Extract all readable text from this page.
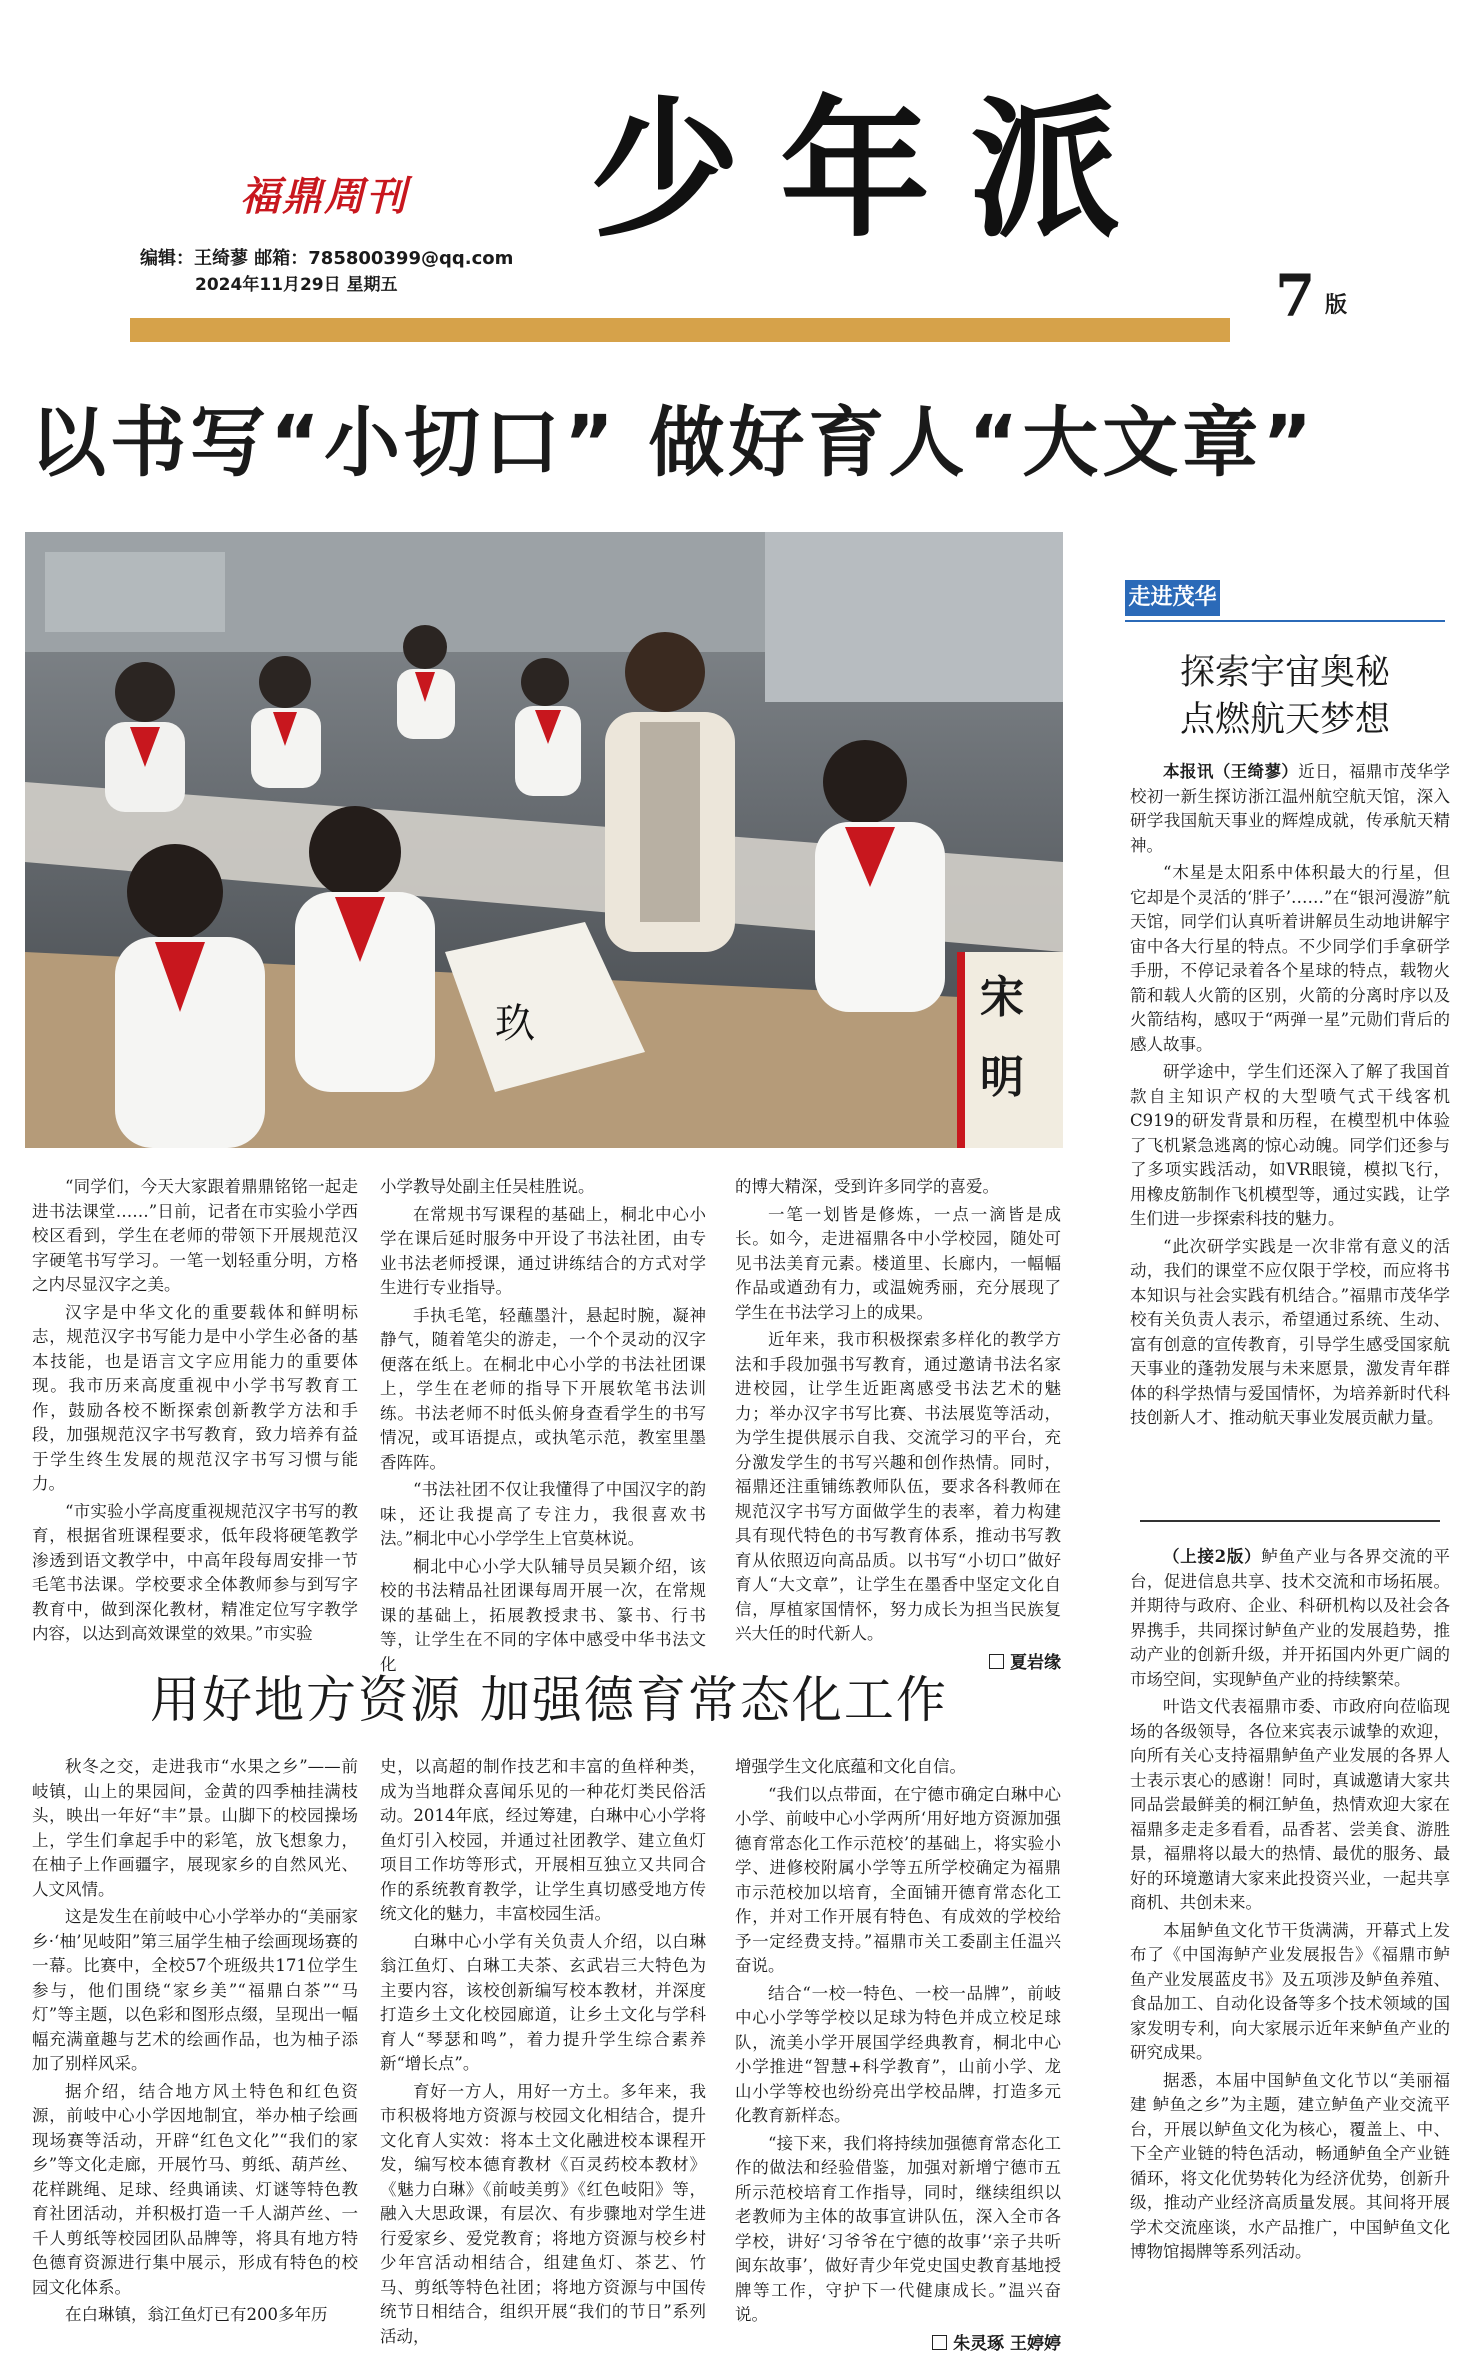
福鼎周刊
编辑：王绮蓼 邮箱：785800399@qq.com
2024年11月29日 星期五
少年派
7 版
以书写“小切口” 做好育人“大文章”
玖
宋
明
走进茂华
探索宇宙奥秘
点燃航天梦想

本报讯（王绮蓼）近日，福鼎市茂华学校初一新生探访浙江温州航空航天馆，深入研学我国航天事业的辉煌成就，传承航天精神。

“木星是太阳系中体积最大的行星，但它却是个灵活的‘胖子’……”在“银河漫游”航天馆，同学们认真听着讲解员生动地讲解宇宙中各大行星的特点。不少同学们手拿研学手册，不停记录着各个星球的特点，载物火箭和载人火箭的区别，火箭的分离时序以及火箭结构，感叹于“两弹一星”元勋们背后的感人故事。

研学途中，学生们还深入了解了我国首款自主知识产权的大型喷气式干线客机C919的研发背景和历程，在模型机中体验了飞机紧急逃离的惊心动魄。同学们还参与了多项实践活动，如VR眼镜，模拟飞行，用橡皮筋制作飞机模型等，通过实践，让学生们进一步探索科技的魅力。

“此次研学实践是一次非常有意义的活动，我们的课堂不应仅限于学校，而应将书本知识与社会实践有机结合。”福鼎市茂华学校有关负责人表示，希望通过系统、生动、富有创意的宣传教育，引导学生感受国家航天事业的蓬勃发展与未来愿景，激发青年群体的科学热情与爱国情怀，为培养新时代科技创新人才、推动航天事业发展贡献力量。

（上接2版）鲈鱼产业与各界交流的平台，促进信息共享、技术交流和市场拓展。并期待与政府、企业、科研机构以及社会各界携手，共同探讨鲈鱼产业的发展趋势，推动产业的创新升级，并开拓国内外更广阔的市场空间，实现鲈鱼产业的持续繁荣。

叶诰文代表福鼎市委、市政府向莅临现场的各级领导，各位来宾表示诚挚的欢迎，向所有关心支持福鼎鲈鱼产业发展的各界人士表示衷心的感谢！同时，真诚邀请大家共同品尝最鲜美的桐江鲈鱼，热情欢迎大家在福鼎多走走多看看，品香茗、尝美食、游胜景，福鼎将以最大的热情、最优的服务、最好的环境邀请大家来此投资兴业，一起共享商机、共创未来。

本届鲈鱼文化节干货满满，开幕式上发布了《中国海鲈产业发展报告》《福鼎市鲈鱼产业发展蓝皮书》及五项涉及鲈鱼养殖、食品加工、自动化设备等多个技术领域的国家发明专利，向大家展示近年来鲈鱼产业的研究成果。

据悉，本届中国鲈鱼文化节以“美丽福建 鲈鱼之乡”为主题，建立鲈鱼产业交流平台，开展以鲈鱼文化为核心，覆盖上、中、下全产业链的特色活动，畅通鲈鱼全产业链循环，将文化优势转化为经济优势，创新升级，推动产业经济高质量发展。其间将开展学术交流座谈，水产品推广，中国鲈鱼文化博物馆揭牌等系列活动。

“同学们，今天大家跟着鼎鼎铭铭一起走进书法课堂……”日前，记者在市实验小学西校区看到，学生在老师的带领下开展规范汉字硬笔书写学习。一笔一划轻重分明，方格之内尽显汉字之美。

汉字是中华文化的重要载体和鲜明标志，规范汉字书写能力是中小学生必备的基本技能，也是语言文字应用能力的重要体现。我市历来高度重视中小学书写教育工作，鼓励各校不断探索创新教学方法和手段，加强规范汉字书写教育，致力培养有益于学生终生发展的规范汉字书写习惯与能力。

“市实验小学高度重视规范汉字书写的教育，根据省班课程要求，低年段将硬笔教学渗透到语文教学中，中高年段每周安排一节毛笔书法课。学校要求全体教师参与到写字教育中，做到深化教材，精准定位写字教学内容，以达到高效课堂的效果。”市实验

小学教导处副主任吴桂胜说。

在常规书写课程的基础上，桐北中心小学在课后延时服务中开设了书法社团，由专业书法老师授课，通过讲练结合的方式对学生进行专业指导。

手执毛笔，轻蘸墨汁，悬起时腕，凝神静气，随着笔尖的游走，一个个灵动的汉字便落在纸上。在桐北中心小学的书法社团课上，学生在老师的指导下开展软笔书法训练。书法老师不时低头俯身查看学生的书写情况，或耳语提点，或执笔示范，教室里墨香阵阵。

“书法社团不仅让我懂得了中国汉字的韵味，还让我提高了专注力，我很喜欢书法。”桐北中心小学学生上官莫林说。

桐北中心小学大队辅导员吴颖介绍，该校的书法精品社团课每周开展一次，在常规课的基础上，拓展教授隶书、篆书、行书等，让学生在不同的字体中感受中华书法文化

的博大精深，受到许多同学的喜爱。

一笔一划皆是修炼，一点一滴皆是成长。如今，走进福鼎各中小学校园，随处可见书法美育元素。楼道里、长廊内，一幅幅作品或遒劲有力，或温婉秀丽，充分展现了学生在书法学习上的成果。

近年来，我市积极探索多样化的教学方法和手段加强书写教育，通过邀请书法名家进校园，让学生近距离感受书法艺术的魅力；举办汉字书写比赛、书法展览等活动，为学生提供展示自我、交流学习的平台，充分激发学生的书写兴趣和创作热情。同时，福鼎还注重铺练教师队伍，要求各科教师在规范汉字书写方面做学生的表率，着力构建具有现代特色的书写教育体系，推动书写教育从依照迈向高品质。以书写“小切口”做好育人“大文章”，让学生在墨香中坚定文化自信，厚植家国情怀，努力成长为担当民族复兴大任的时代新人。

夏岩缘
用好地方资源 加强德育常态化工作

秋冬之交，走进我市“水果之乡”——前岐镇，山上的果园间，金黄的四季柚挂满枝头，映出一年好“丰”景。山脚下的校园操场上，学生们拿起手中的彩笔，放飞想象力，在柚子上作画疆字，展现家乡的自然风光、人文风情。

这是发生在前岐中心小学举办的“美丽家乡·‘柚’见岐阳”第三届学生柚子绘画现场赛的一幕。比赛中，全校57个班级共171位学生参与，他们围绕“家乡美”“福鼎白茶”“马灯”等主题，以色彩和图形点缀，呈现出一幅幅充满童趣与艺术的绘画作品，也为柚子添加了别样风采。

据介绍，结合地方风土特色和红色资源，前岐中心小学因地制宜，举办柚子绘画现场赛等活动，开辟“红色文化”“我们的家乡”等文化走廊，开展竹马、剪纸、葫芦丝、花样跳绳、足球、经典诵读、灯谜等特色教育社团活动，并积极打造一千人湖芦丝、一千人剪纸等校园团队品牌等，将具有地方特色德育资源进行集中展示，形成有特色的校园文化体系。

在白琳镇，翁江鱼灯已有200多年历

史，以高超的制作技艺和丰富的鱼样种类，成为当地群众喜闻乐见的一种花灯类民俗活动。2014年底，经过筹建，白琳中心小学将鱼灯引入校园，并通过社团教学、建立鱼灯项目工作坊等形式，开展相互独立又共同合作的系统教育教学，让学生真切感受地方传统文化的魅力，丰富校园生活。

白琳中心小学有关负责人介绍，以白琳翁江鱼灯、白琳工夫茶、玄武岩三大特色为主要内容，该校创新编写校本教材，并深度打造乡土文化校园廊道，让乡土文化与学科育人“琴瑟和鸣”，着力提升学生综合素养新“增长点”。

育好一方人，用好一方土。多年来，我市积极将地方资源与校园文化相结合，提升文化育人实效：将本土文化融进校本课程开发，编写校本德育教材《百灵药校本教材》《魅力白琳》《前岐美剪》《红色岐阳》等，融入大思政课，有层次、有步骤地对学生进行爱家乡、爱党教育；将地方资源与校乡村少年宫活动相结合，组建鱼灯、茶艺、竹马、剪纸等特色社团；将地方资源与中国传统节日相结合，组织开展“我们的节日”系列活动，

增强学生文化底蕴和文化自信。

“我们以点带面，在宁德市确定白琳中心小学、前岐中心小学两所‘用好地方资源加强德育常态化工作示范校’的基础上，将实验小学、进修校附属小学等五所学校确定为福鼎市示范校加以培育，全面铺开德育常态化工作，并对工作开展有特色、有成效的学校给予一定经费支持。”福鼎市关工委副主任温兴奋说。

结合“一校一特色、一校一品牌”，前岐中心小学等学校以足球为特色并成立校足球队，流美小学开展国学经典教育，桐北中心小学推进“智慧+科学教育”，山前小学、龙山小学等校也纷纷亮出学校品牌，打造多元化教育新样态。

“接下来，我们将持续加强德育常态化工作的做法和经验借鉴，加强对新增宁德市五所示范校培育工作指导，同时，继续组织以老教师为主体的故事宣讲队伍，深入全市各学校，讲好‘习爷爷在宁德的故事’‘亲子共听闽东故事’，做好青少年党史国史教育基地授牌等工作，守护下一代健康成长。”温兴奋说。

朱灵琢 王婷婷
